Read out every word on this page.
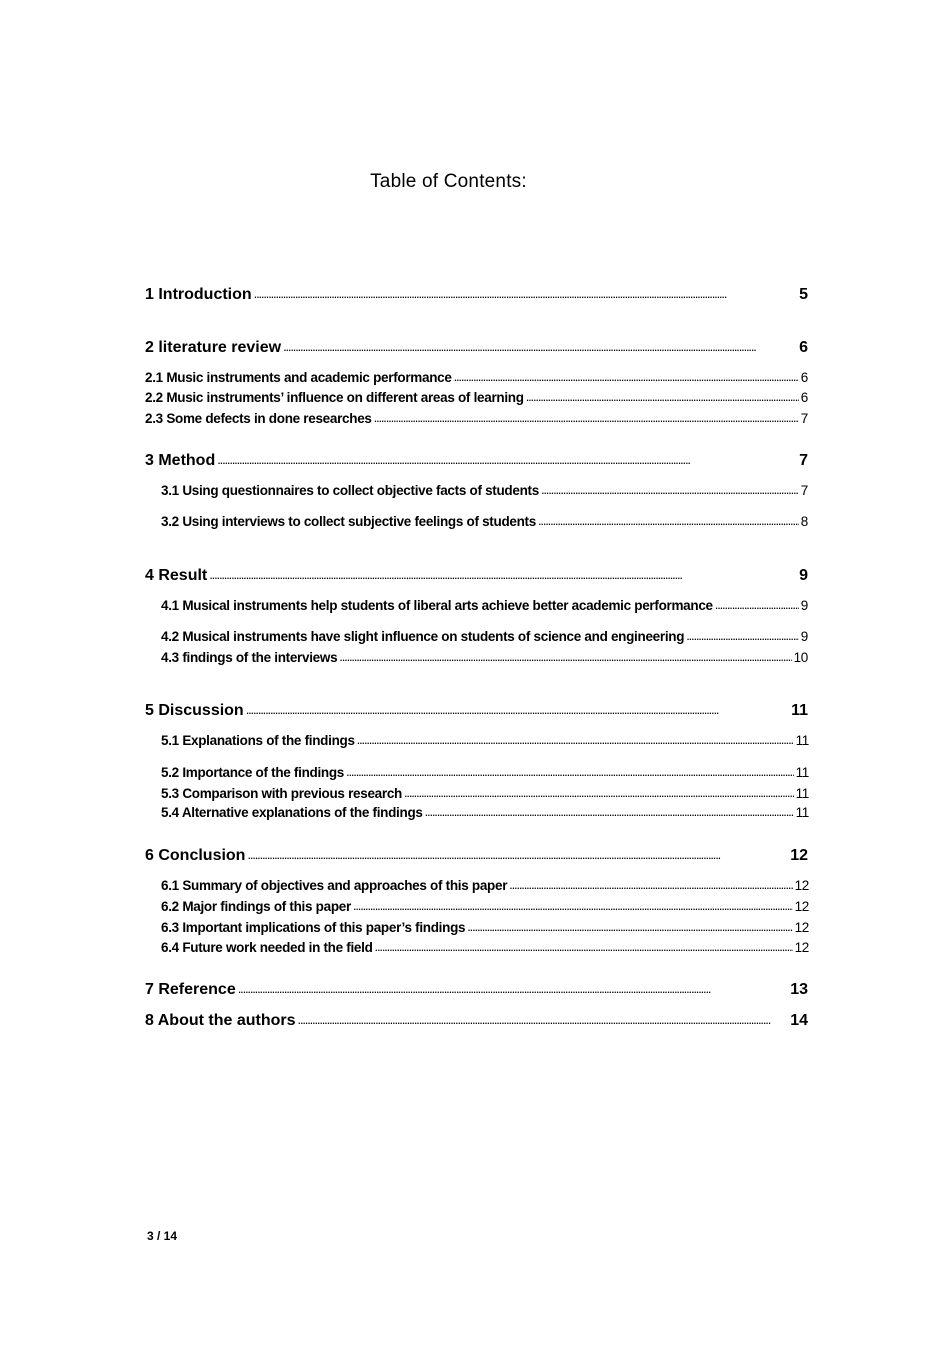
Table of Contents:
1 Introduction . . .	5
2 literature review . . .	6
2.1 Music instruments and academic performance . . .	6
2.2 Music instruments’ influence on different areas of learning . . .	6
2.3 Some defects in done researches . . .	7
3 Method . . .	7
3.1 Using questionnaires to collect objective facts of students . . .	7
3.2 Using interviews to collect subjective feelings of students . . .	8
4 Result . . .	9
4.1 Musical instruments help students of liberal arts achieve better academic performance . . .	9
4.2 Musical instruments have slight influence on students of science and engineering . . .	9
4.3 findings of the interviews . . .	10
5 Discussion . . .	11
5.1 Explanations of the findings . . .	11
5.2 Importance of the findings . . .	11
5.3 Comparison with previous research . . .	11
5.4 Alternative explanations of the findings . . .	11
6 Conclusion . . .	12
6.1 Summary of objectives and approaches of this paper . . .	12
6.2 Major findings of this paper . . .	12
6.3 Important implications of this paper’s findings . . .	12
6.4 Future work needed in the field . . .	12
7 Reference . . .	13
8 About the authors . . .	14
3 / 14
